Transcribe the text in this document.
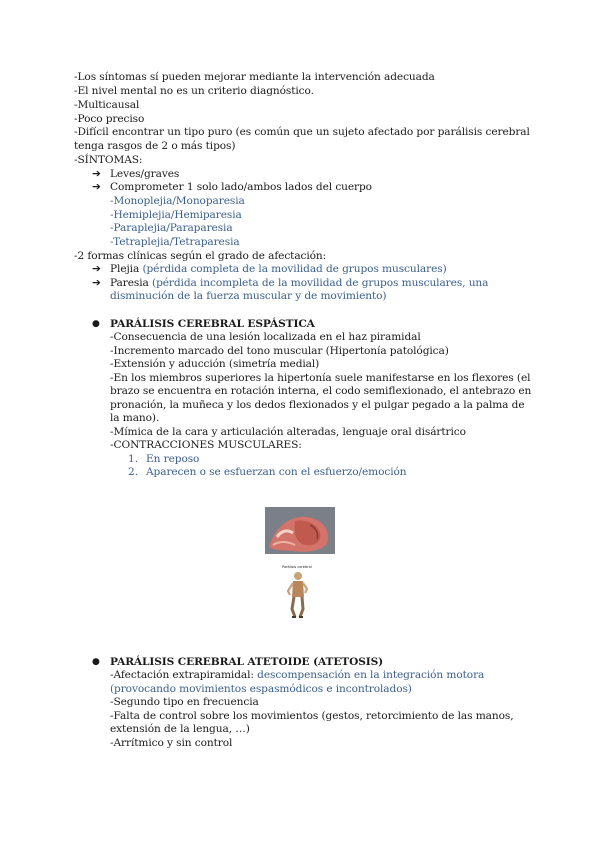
-Los síntomas sí pueden mejorar mediante la intervención adecuada
-El nivel mental no es un criterio diagnóstico.
-Multicausal
-Poco preciso
-Difícil encontrar un tipo puro (es común que un sujeto afectado por parálisis cerebral
tenga rasgos de 2 o más tipos)
-SÍNTOMAS:
➔ Leves/graves
➔ Comprometer 1 solo lado/ambos lados del cuerpo
-Monoplejia/Monoparesia
-Hemiplejia/Hemiparesia
-Paraplejia/Paraparesia
-Tetraplejia/Tetraparesia
-2 formas clínicas según el grado de afectación:
➔ Plejia (pérdida completa de la movilidad de grupos musculares)
➔ Paresia (pérdida incompleta de la movilidad de grupos musculares, una
disminución de la fuerza muscular y de movimiento)
● PARÁLISIS CEREBRAL ESPÁSTICA
-Consecuencia de una lesión localizada en el haz piramidal
-Incremento marcado del tono muscular (Hipertonía patológica)
-Extensión y aducción (simetría medial)
-En los miembros superiores la hipertonía suele manifestarse en los flexores (el
brazo se encuentra en rotación interna, el codo semiflexionado, el antebrazo en
pronación, la muñeca y los dedos flexionados y el pulgar pegado a la palma de
la mano).
-Mímica de la cara y articulación alteradas, lenguaje oral disártrico
-CONTRACCIONES MUSCULARES:
1. En reposo
2. Aparecen o se esfuerzan con el esfuerzo/emoción
Parálisis cerebral
● PARÁLISIS CEREBRAL ATETOIDE (ATETOSIS)
-Afectación extrapiramidal: descompensación en la integración motora
(provocando movimientos espasmódicos e incontrolados)
-Segundo tipo en frecuencia
-Falta de control sobre los movimientos (gestos, retorcimiento de las manos,
extensión de la lengua, …)
-Arrítmico y sin control
